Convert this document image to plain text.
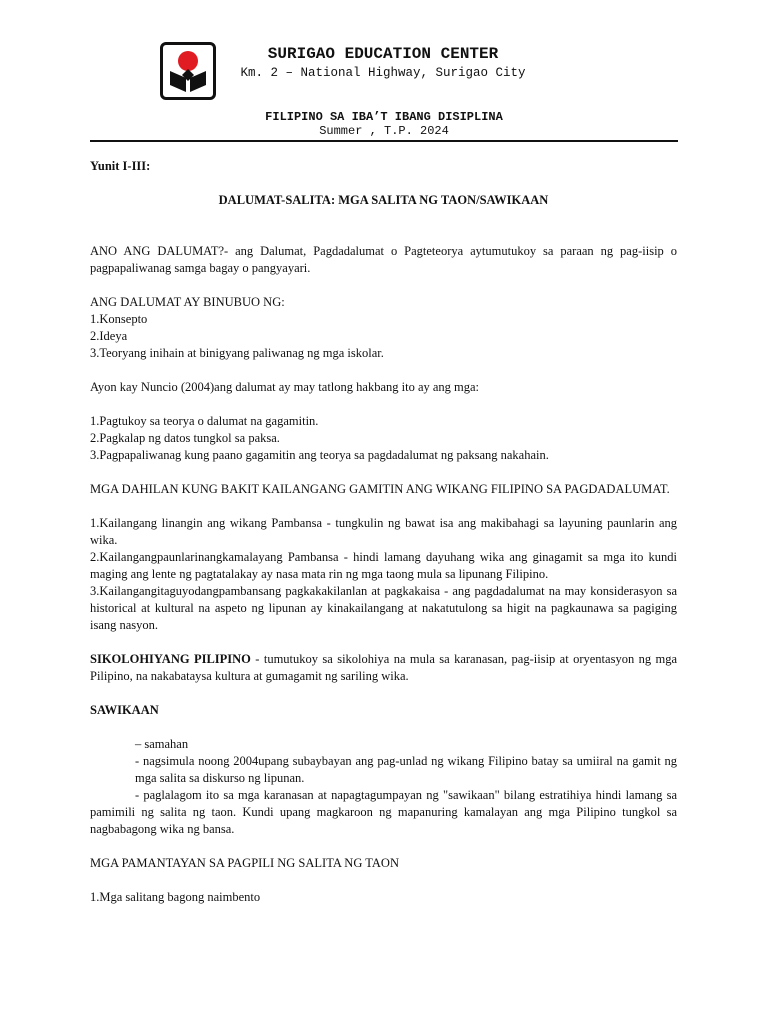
SURIGAO EDUCATION CENTER
Km. 2 – National Highway, Surigao City
FILIPINO SA IBA’T IBANG DISIPLINA
Summer , T.P. 2024

Yunit I-III:

DALUMAT-SALITA: MGA SALITA NG TAON/SAWIKAAN

ANO ANG DALUMAT?- ang Dalumat, Pagdadalumat o Pagteteorya aytumutukoy sa paraan ng pag-iisip o pagpapaliwanag samga bagay o pangyayari.

ANG DALUMAT AY BINUBUO NG:

1.Konsepto

2.Ideya

3.Teoryang inihain at binigyang paliwanag ng mga iskolar.

Ayon kay Nuncio (2004)ang dalumat ay may tatlong hakbang ito ay ang mga:

1.Pagtukoy sa teorya o dalumat na gagamitin.

2.Pagkalap ng datos tungkol sa paksa.

3.Pagpapaliwanag kung paano gagamitin ang teorya sa pagdadalumat ng paksang nakahain.

MGA DAHILAN KUNG BAKIT KAILANGANG GAMITIN ANG WIKANG FILIPINO SA PAGDADALUMAT.

1.Kailangang linangin ang wikang Pambansa - tungkulin ng bawat isa ang makibahagi sa layuning paunlarin ang wika.

2.Kailangangpaunlarinangkamalayang Pambansa - hindi lamang dayuhang wika ang ginagamit sa mga ito kundi maging ang lente ng pagtatalakay ay nasa mata rin ng mga taong mula sa lipunang Filipino.

3.Kailangangitaguyodangpambansang pagkakakilanlan at pagkakaisa - ang pagdadalumat na may konsiderasyon sa historical at kultural na aspeto ng lipunan ay kinakailangang at nakatutulong sa higit na pagkaunawa sa pagiging isang nasyon.

SIKOLOHIYANG PILIPINO - tumutukoy sa sikolohiya na mula sa karanasan, pag-iisip at oryentasyon ng mga Pilipino, na nakabataysa kultura at gumagamit ng sariling wika.

SAWIKAAN

– samahan

- nagsimula noong 2004upang subaybayan ang pag-unlad ng wikang Filipino batay sa umiiral na gamit ng mga salita sa diskurso ng lipunan.

- paglalagom ito sa mga karanasan at napagtagumpayan ng "sawikaan" bilang estratihiya hindi lamang sa pamimili ng salita ng taon. Kundi upang magkaroon ng mapanuring kamalayan ang mga Pilipino tungkol sa nagbabagong wika ng bansa.

MGA PAMANTAYAN SA PAGPILI NG SALITA NG TAON

1.Mga salitang bagong naimbento
